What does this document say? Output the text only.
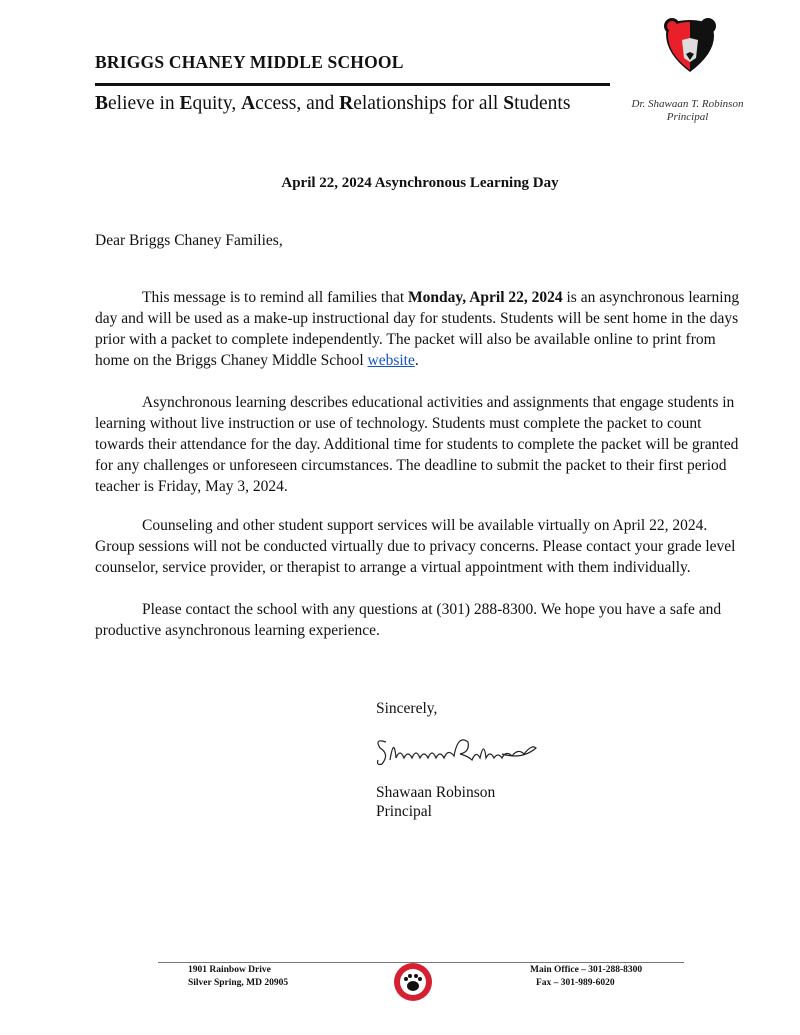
BRIGGS CHANEY MIDDLE SCHOOL
Believe in Equity, Access, and Relationships for all Students	Dr. Shawaan T. Robinson
Principal
April 22, 2024 Asynchronous Learning Day
Dear Briggs Chaney Families,
This message is to remind all families that Monday, April 22, 2024 is an asynchronous learning day and will be used as a make-up instructional day for students. Students will be sent home in the days prior with a packet to complete independently. The packet will also be available online to print from home on the Briggs Chaney Middle School website.
Asynchronous learning describes educational activities and assignments that engage students in learning without live instruction or use of technology. Students must complete the packet to count towards their attendance for the day. Additional time for students to complete the packet will be granted for any challenges or unforeseen circumstances. The deadline to submit the packet to their first period teacher is Friday, May 3, 2024.
Counseling and other student support services will be available virtually on April 22, 2024. Group sessions will not be conducted virtually due to privacy concerns. Please contact your grade level counselor, service provider, or therapist to arrange a virtual appointment with them individually.
Please contact the school with any questions at (301) 288-8300. We hope you have a safe and productive asynchronous learning experience.
Sincerely,
Shawaan Robinson
Principal
1901 Rainbow Drive
Silver Spring, MD 20905
Main Office – 301-288-8300
Fax – 301-989-6020
